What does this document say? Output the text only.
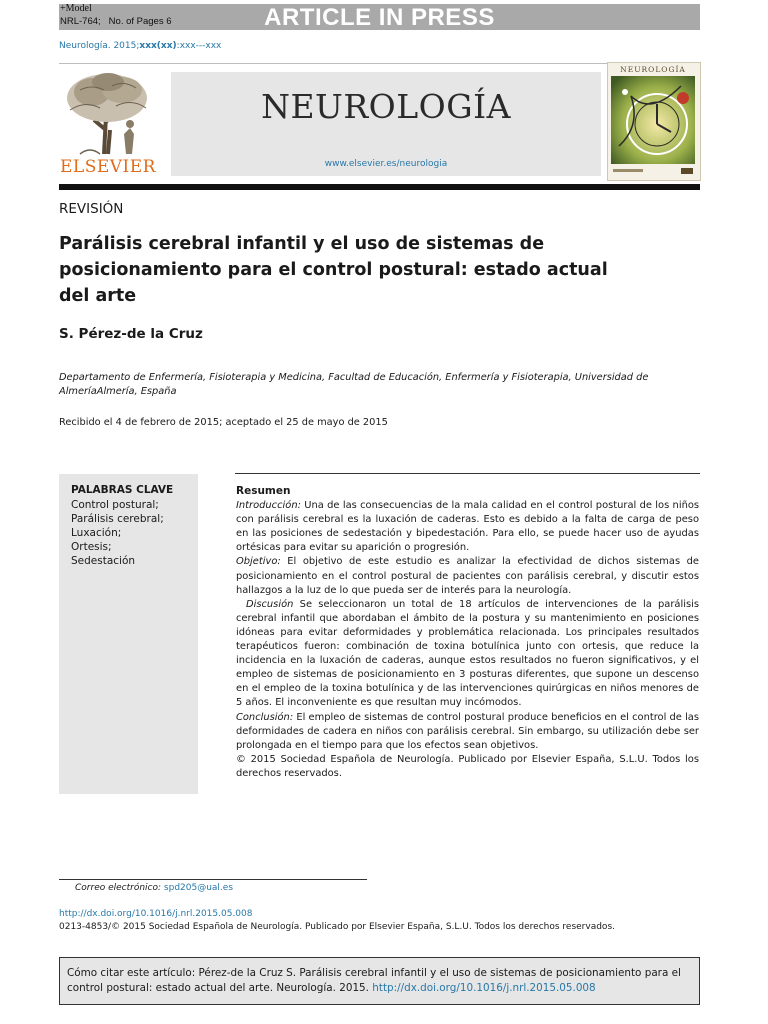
ARTICLE IN PRESS
+Model
NRL-764; No. of Pages 6
Neurología. 2015;xxx(xx):xxx---xxx
ELSEVIER
NEUROLOGÍA
www.elsevier.es/neurologia
NEUROLOGÍA
REVISIÓN
Parálisis cerebral infantil y el uso de sistemas de posicionamiento para el control postural: estado actual del arte
S. Pérez-de la Cruz
Departamento de Enfermería, Fisioterapia y Medicina, Facultad de Educación, Enfermería y Fisioterapia, Universidad de AlmeríaAlmería, España
Recibido el 4 de febrero de 2015; aceptado el 25 de mayo de 2015
PALABRAS CLAVE
Control postural;
Parálisis cerebral;
Luxación;
Ortesis;
Sedestación
Resumen

Introducción: Una de las consecuencias de la mala calidad en el control postural de los niños con parálisis cerebral es la luxación de caderas. Esto es debido a la falta de carga de peso en las posiciones de sedestación y bipedestación. Para ello, se puede hacer uso de ayudas ortésicas para evitar su aparición o progresión.

Objetivo: El objetivo de este estudio es analizar la efectividad de dichos sistemas de posicionamiento en el control postural de pacientes con parálisis cerebral, y discutir estos hallazgos a la luz de lo que pueda ser de interés para la neurología.

Discusión Se seleccionaron un total de 18 artículos de intervenciones de la parálisis cerebral infantil que abordaban el ámbito de la postura y su mantenimiento en posiciones idóneas para evitar deformidades y problemática relacionada. Los principales resultados terapéuticos fueron: combinación de toxina botulínica junto con ortesis, que reduce la incidencia en la luxación de caderas, aunque estos resultados no fueron significativos, y el empleo de sistemas de posicionamiento en 3 posturas diferentes, que supone un descenso en el empleo de la toxina botulínica y de las intervenciones quirúrgicas en niños menores de 5 años. El inconveniente es que resultan muy incómodos.

Conclusión: El empleo de sistemas de control postural produce beneficios en el control de las deformidades de cadera en niños con parálisis cerebral. Sin embargo, su utilización debe ser prolongada en el tiempo para que los efectos sean objetivos.

© 2015 Sociedad Española de Neurología. Publicado por Elsevier España, S.L.U. Todos los derechos reservados.

Correo electrónico: spd205@ual.es
http://dx.doi.org/10.1016/j.nrl.2015.05.008
0213-4853/© 2015 Sociedad Española de Neurología. Publicado por Elsevier España, S.L.U. Todos los derechos reservados.
Cómo citar este artículo: Pérez-de la Cruz S. Parálisis cerebral infantil y el uso de sistemas de posicionamiento para el control postural: estado actual del arte. Neurología. 2015. http://dx.doi.org/10.1016/j.nrl.2015.05.008
